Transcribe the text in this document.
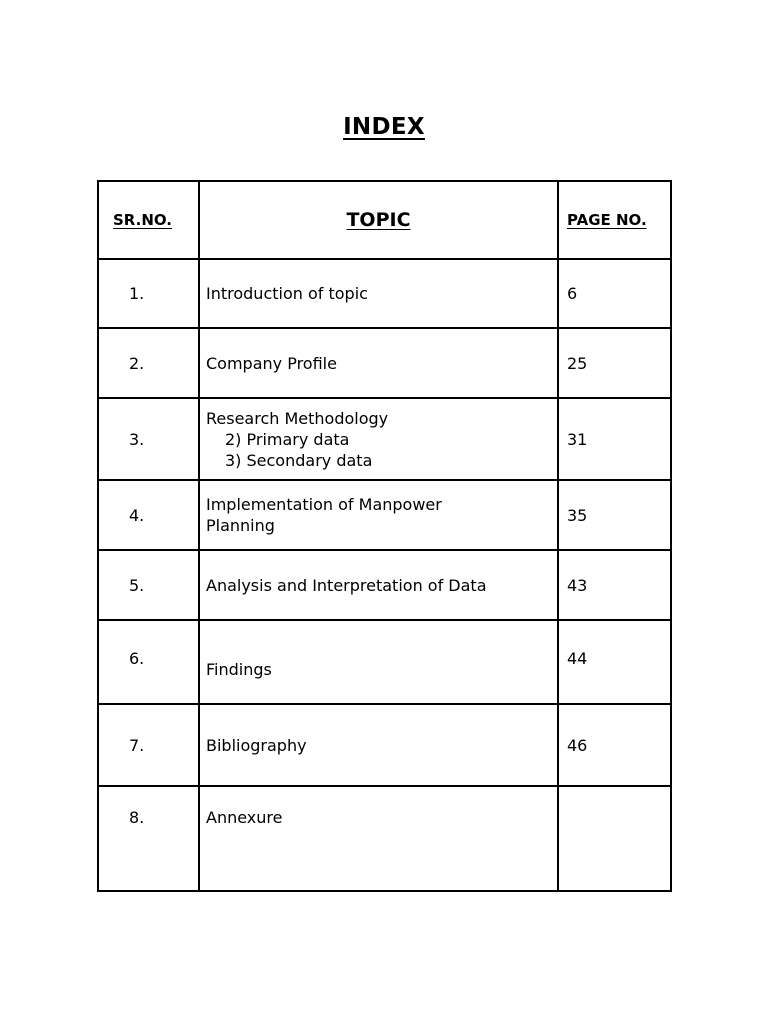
INDEX
SR.NO.	TOPIC	PAGE NO.
1.	Introduction of topic	6
2.	Company Profile	25
3.	Research Methodology
2) Primary data
3) Secondary data	31
4.	Implementation of Manpower
Planning	35
5.	Analysis and Interpretation of Data	43
6.	Findings	44
7.	Bibliography	46
8.	Annexure	
